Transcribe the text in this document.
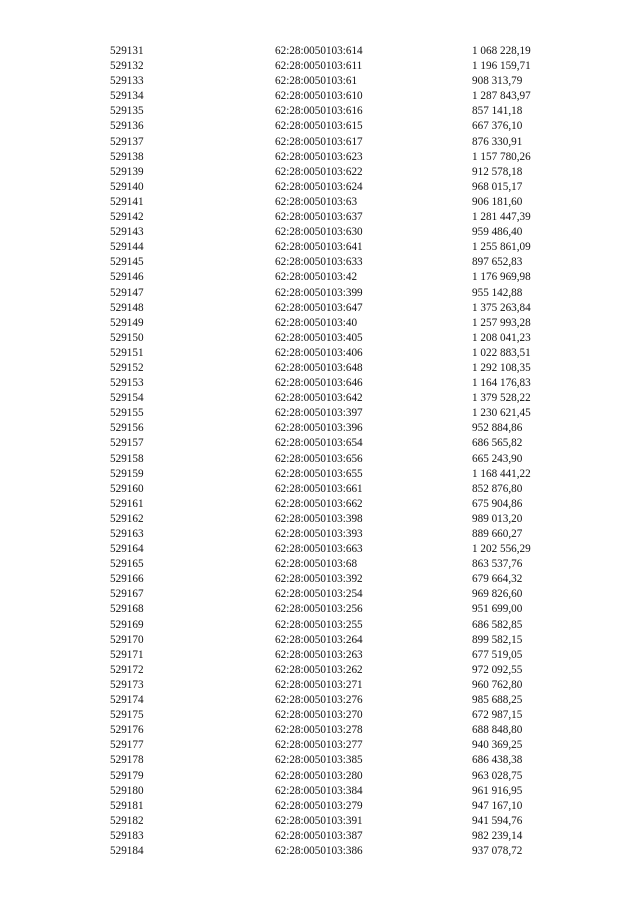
529131	62:28:0050103:614	1 068 228,19
529132	62:28:0050103:611	1 196 159,71
529133	62:28:0050103:61	908 313,79
529134	62:28:0050103:610	1 287 843,97
529135	62:28:0050103:616	857 141,18
529136	62:28:0050103:615	667 376,10
529137	62:28:0050103:617	876 330,91
529138	62:28:0050103:623	1 157 780,26
529139	62:28:0050103:622	912 578,18
529140	62:28:0050103:624	968 015,17
529141	62:28:0050103:63	906 181,60
529142	62:28:0050103:637	1 281 447,39
529143	62:28:0050103:630	959 486,40
529144	62:28:0050103:641	1 255 861,09
529145	62:28:0050103:633	897 652,83
529146	62:28:0050103:42	1 176 969,98
529147	62:28:0050103:399	955 142,88
529148	62:28:0050103:647	1 375 263,84
529149	62:28:0050103:40	1 257 993,28
529150	62:28:0050103:405	1 208 041,23
529151	62:28:0050103:406	1 022 883,51
529152	62:28:0050103:648	1 292 108,35
529153	62:28:0050103:646	1 164 176,83
529154	62:28:0050103:642	1 379 528,22
529155	62:28:0050103:397	1 230 621,45
529156	62:28:0050103:396	952 884,86
529157	62:28:0050103:654	686 565,82
529158	62:28:0050103:656	665 243,90
529159	62:28:0050103:655	1 168 441,22
529160	62:28:0050103:661	852 876,80
529161	62:28:0050103:662	675 904,86
529162	62:28:0050103:398	989 013,20
529163	62:28:0050103:393	889 660,27
529164	62:28:0050103:663	1 202 556,29
529165	62:28:0050103:68	863 537,76
529166	62:28:0050103:392	679 664,32
529167	62:28:0050103:254	969 826,60
529168	62:28:0050103:256	951 699,00
529169	62:28:0050103:255	686 582,85
529170	62:28:0050103:264	899 582,15
529171	62:28:0050103:263	677 519,05
529172	62:28:0050103:262	972 092,55
529173	62:28:0050103:271	960 762,80
529174	62:28:0050103:276	985 688,25
529175	62:28:0050103:270	672 987,15
529176	62:28:0050103:278	688 848,80
529177	62:28:0050103:277	940 369,25
529178	62:28:0050103:385	686 438,38
529179	62:28:0050103:280	963 028,75
529180	62:28:0050103:384	961 916,95
529181	62:28:0050103:279	947 167,10
529182	62:28:0050103:391	941 594,76
529183	62:28:0050103:387	982 239,14
529184	62:28:0050103:386	937 078,72
